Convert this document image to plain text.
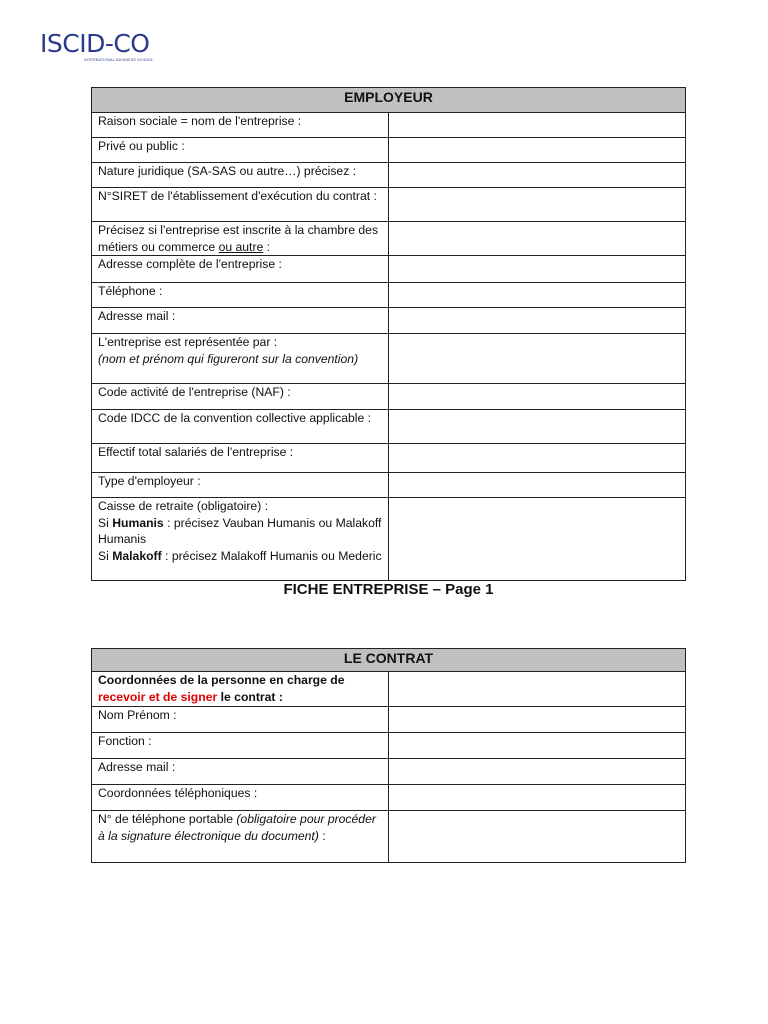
ISCID-CO
INTERNATIONAL BUSINESS SCHOOL
EMPLOYEUR	
Raison sociale = nom de l'entreprise :	
Privé ou public :	
Nature juridique (SA-SAS ou autre…) précisez :	
N°SIRET de l'établissement d'exécution du contrat :	
Précisez si l'entreprise est inscrite à la chambre des métiers ou commerce ou autre :	
Adresse complète de l'entreprise :	
Téléphone :	
Adresse mail :	
L'entreprise est représentée par :
(nom et prénom qui figureront sur la convention)	
Code activité de l'entreprise (NAF) :	
Code IDCC de la convention collective applicable :	
Effectif total salariés de l'entreprise :	
Type d'employeur :	
Caisse de retraite (obligatoire) :
Si Humanis : précisez Vauban Humanis ou Malakoff Humanis
Si Malakoff : précisez Malakoff Humanis ou Mederic	
FICHE ENTREPRISE – Page 1
LE CONTRAT	
Coordonnées de la personne en charge de recevoir et de signer le contrat :	
Nom Prénom :	
Fonction :	
Adresse mail :	
Coordonnées téléphoniques :	
N° de téléphone portable (obligatoire pour procéder à la signature électronique du document) :	
